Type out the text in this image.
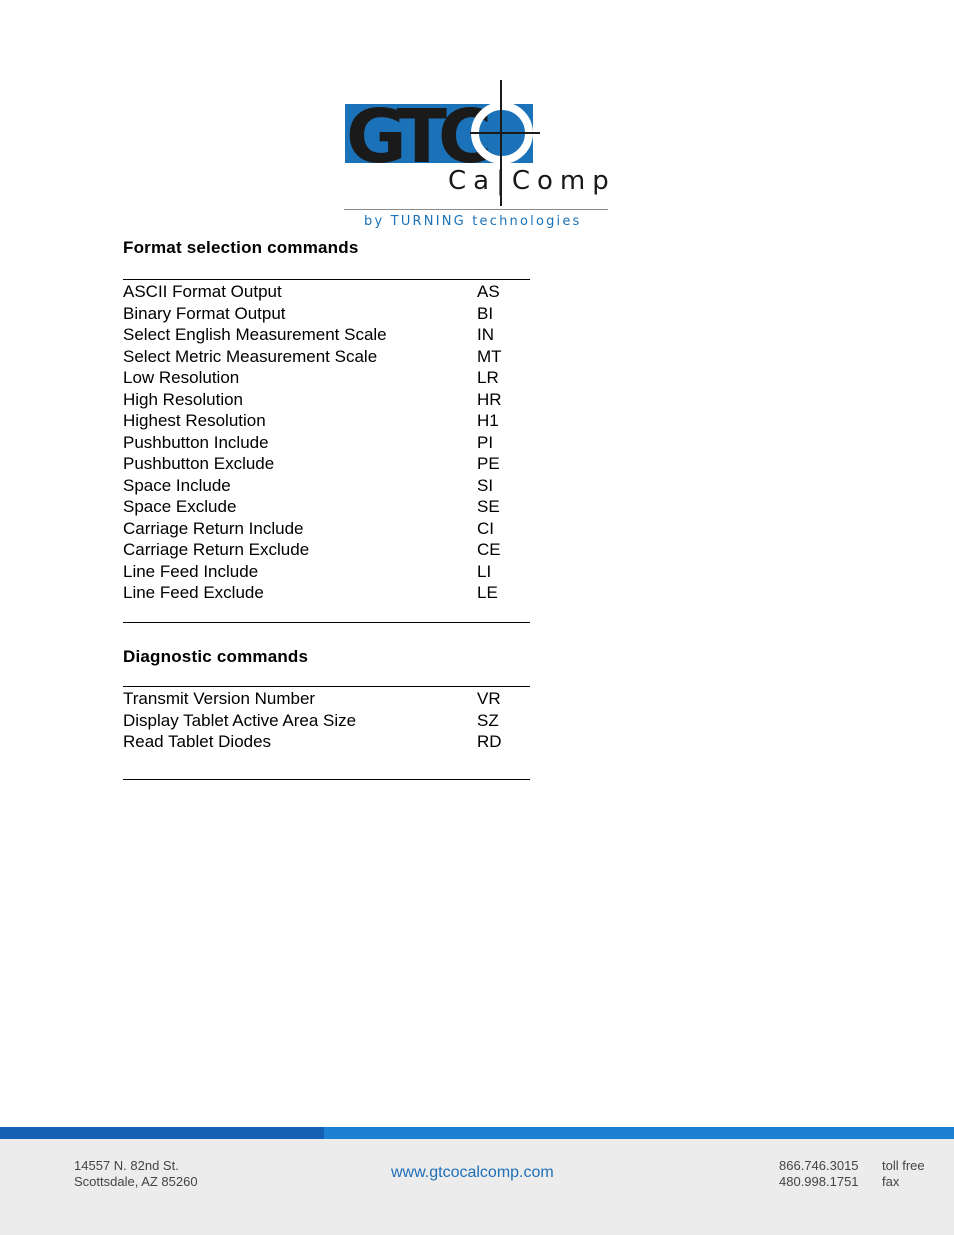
GTC
Ca|Comp
by TURNING technologies
Format selection commands
ASCII Format Output	AS
Binary Format Output	BI
Select English Measurement Scale	IN
Select Metric Measurement Scale	MT
Low Resolution	LR
High Resolution	HR
Highest Resolution	H1
Pushbutton Include	PI
Pushbutton Exclude	PE
Space Include	SI
Space Exclude	SE
Carriage Return Include	CI
Carriage Return Exclude	CE
Line Feed Include	LI
Line Feed Exclude	LE
Diagnostic commands
Transmit Version Number	VR
Display Tablet Active Area Size	SZ
Read Tablet Diodes	RD
14557 N. 82nd St.
Scottsdale, AZ 85260
www.gtcocalcomp.com	866.746.3015
480.998.1751
toll free
fax
